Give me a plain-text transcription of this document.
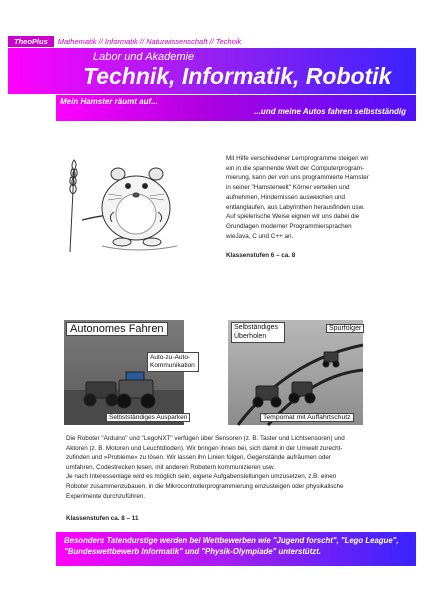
TheoPlus	Mathematik // Informatik // Naturwissenschaft // Technik
Labor und Akademie
Technik, Informatik, Robotik
Mein Hamster räumt auf...
...und meine Autos fahren selbstständig
Mit Hilfe verschiedener Lernprogramme steigen wir
ein in die spannende Welt der Computerprogram-
mierung, kann der von uns programmierte Hamster
in seiner "Hamsterwelt" Körner verteilen und
aufnehmen, Hindernissen ausweichen und
entlanglaufen, aus Labyrinthen herausfinden usw.
Auf spielerische Weise eignen wir uns dabei die
Grundlagen moderner Programmiersprachen
wieJava, C und C++ an.
Klassenstufen 6 – ca. 8
Autonomes Fahren
Auto-zu-Auto-Kommunikation
Selbstständiges Ausparken
Selbständiges Überholen
Spurfolger
Tempomat mit Auffahrtschutz
Die Roboter "Arduino" und "LegoNXT" verfügen über Sensoren (z. B. Taster und Lichtsensoren) und
Aktoren (z. B. Motoren und Leuchtdioden). Wir bringen ihnen bei, sich damit in der Umwelt zurecht-
zufinden und »Probleme« zu lösen. Wir lassen ihn Linien folgen, Gegenstände aufräumen oder
umfahren, Codestrecken lesen, mit anderen Robotern kommunizieren usw.
Je nach Interessenlage wird es möglich sein, eigene Aufgabenstellungen umzusetzen, z.B. einen
Roboter zusammenzubauen, in die Mikrocontrollerprogrammierung einzusteigen oder physikalische
Experimente durchzuführen.
Klassenstufen ca. 8 – 11
Besonders Tatendurstige werden bei Wettbewerben wie "Jugend forscht", "Lego League", "Bundeswettbewerb Informatik" und "Physik-Olympiade" unterstützt.
